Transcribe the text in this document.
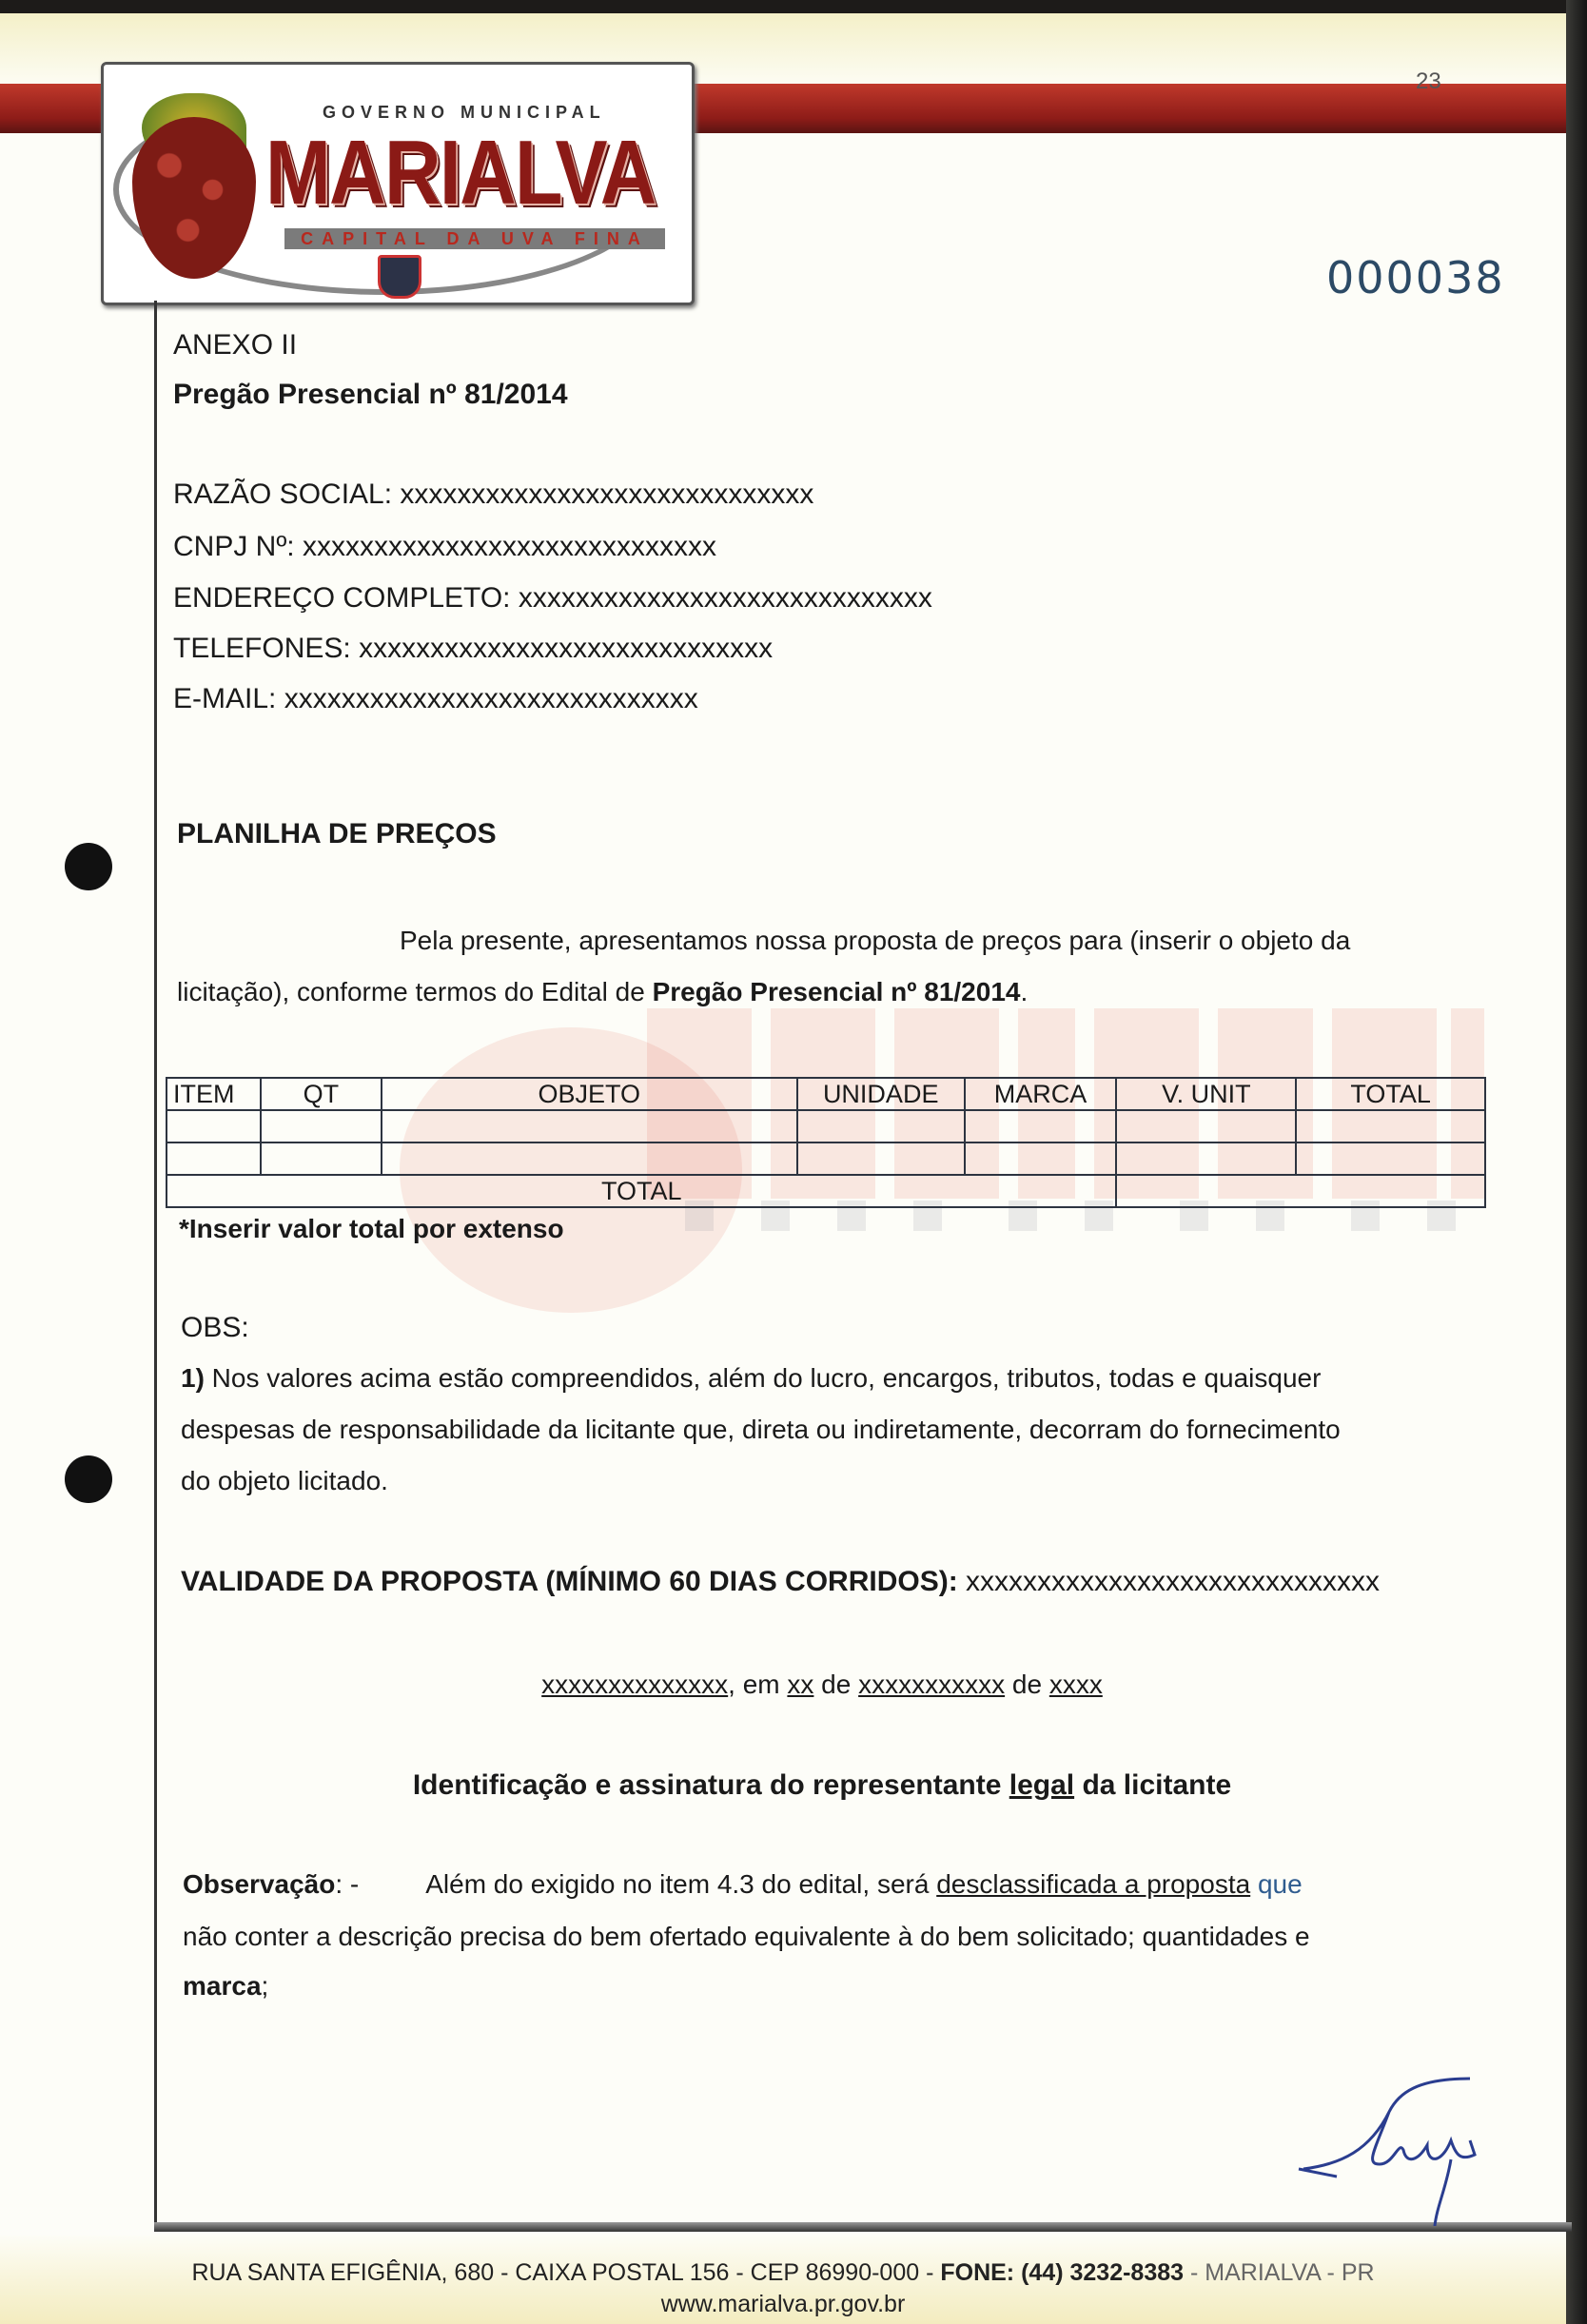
GOVERNO MUNICIPAL
MARIALVA
CAPITAL DA UVA FINA
23
000038
ANEXO II
Pregão Presencial nº 81/2014
RAZÃO SOCIAL: xxxxxxxxxxxxxxxxxxxxxxxxxxxxx
CNPJ Nº: xxxxxxxxxxxxxxxxxxxxxxxxxxxxx
ENDEREÇO COMPLETO: xxxxxxxxxxxxxxxxxxxxxxxxxxxxx
TELEFONES: xxxxxxxxxxxxxxxxxxxxxxxxxxxxx
E-MAIL: xxxxxxxxxxxxxxxxxxxxxxxxxxxxx
PLANILHA DE PREÇOS
Pela presente, apresentamos nossa proposta de preços para (inserir o objeto da
licitação), conforme termos do Edital de Pregão Presencial nº 81/2014.
ITEM	QT	OBJETO	UNIDADE	MARCA	V. UNIT	TOTAL

TOTAL						
*Inserir valor total por extenso
OBS:
1) Nos valores acima estão compreendidos, além do lucro, encargos, tributos, todas e quaisquer
despesas de responsabilidade da licitante que, direta ou indiretamente, decorram do fornecimento
do objeto licitado.
VALIDADE DA PROPOSTA (MÍNIMO 60 DIAS CORRIDOS): xxxxxxxxxxxxxxxxxxxxxxxxxxxxx
xxxxxxxxxxxxxx, em xx de xxxxxxxxxxx de xxxx
Identificação e assinatura do representante legal da licitante
Observação: -	Além do exigido no item 4.3 do edital, será desclassificada a proposta que
não conter a descrição precisa do bem ofertado equivalente à do bem solicitado; quantidades e
marca;
RUA SANTA EFIGÊNIA, 680 - CAIXA POSTAL 156 - CEP 86990-000 - FONE: (44) 3232-8383 - MARIALVA - PR
www.marialva.pr.gov.br
